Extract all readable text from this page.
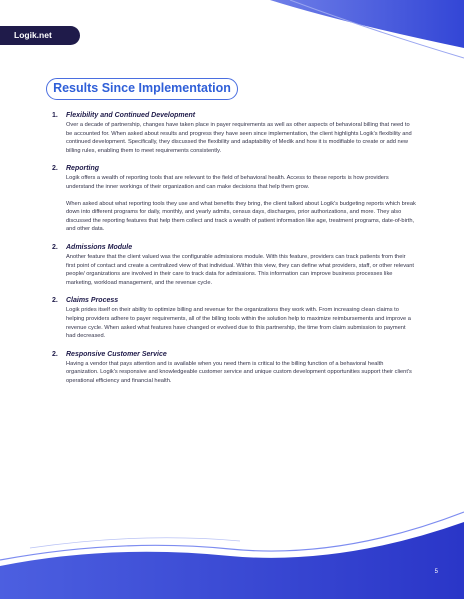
Logik.net
Results Since Implementation
1.	Flexibility and Continued Development

Over a decade of partnership, changes have taken place in payer requirements as well as other aspects of behavioral billing that need to be accounted for. When asked about results and progress they have seen since implementation, the client highlights Logik's flexibility and continued development. Specifically, they discussed the flexibility and adaptability of Medik and how it is modifiable to create or add new billing rules, enabling them to meet requirements consistently.

2.	Reporting

Logik offers a wealth of reporting tools that are relevant to the field of behavioral health. Access to these reports is how providers understand the inner workings of their organization and can make decisions that help them grow.

When asked about what reporting tools they use and what benefits they bring, the client talked about Logik's budgeting reports which break down into different programs for daily, monthly, and yearly admits, census days, discharges, prior authorizations, and more. They also discussed the reporting features that help them collect and track a wealth of patient information like age, treatment programs, date-of-birth, and other data.

2.	Admissions Module

Another feature that the client valued was the configurable admissions module. With this feature, providers can track patients from their first point of contact and create a centralized view of that individual. Within this view, they can define what providers, staff, or other relevant people/ organizations are involved in their care to track data for admissions. This information can improve business processes like marketing, workload management, and the revenue cycle.

2.	Claims Process

Logik prides itself on their ability to optimize billing and revenue for the organizations they work with. From increasing clean claims to helping providers adhere to payer requirements, all of the billing tools within the solution help to maximize reimbursements and improve a revenue cycle. When asked what features have changed or evolved due to this partnership, the time from claim submission to payment had decreased.

2.	Responsive Customer Service

Having a vendor that pays attention and is available when you need them is critical to the billing function of a behavioral health organization. Logik's responsive and knowledgeable customer service and unique custom development opportunities support their client's operational efficiency and financial health.

5
